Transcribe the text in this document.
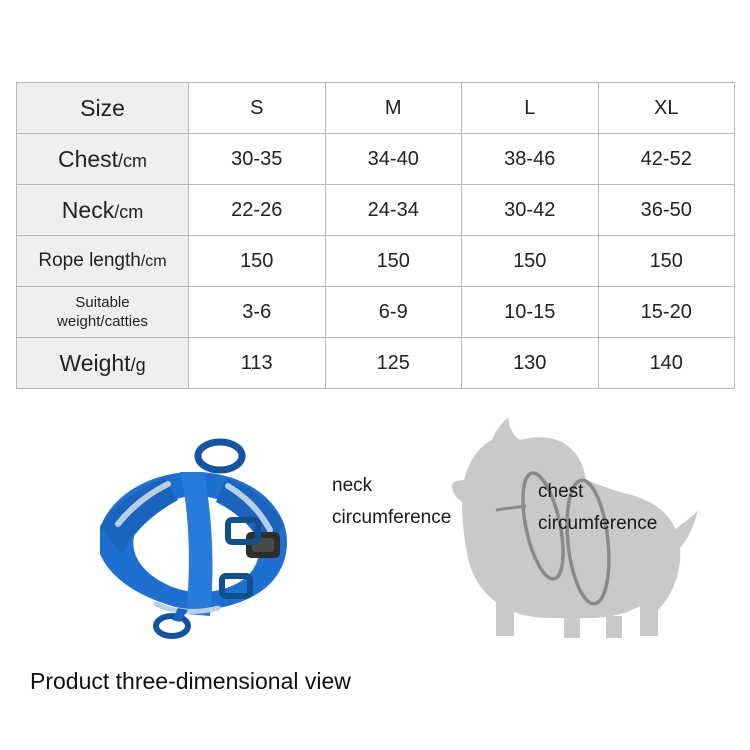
Size	S	M	L	XL
Chest/cm	30-35	34-40	38-46	42-52
Neck/cm	22-26	24-34	30-42	36-50
Rope length/cm	150	150	150	150

Suitable
weight/catties	3-6	6-9	10-15	15-20
Weight/g	113	125	130	140
neck
circumference
chest
circumference
Product three-dimensional view
